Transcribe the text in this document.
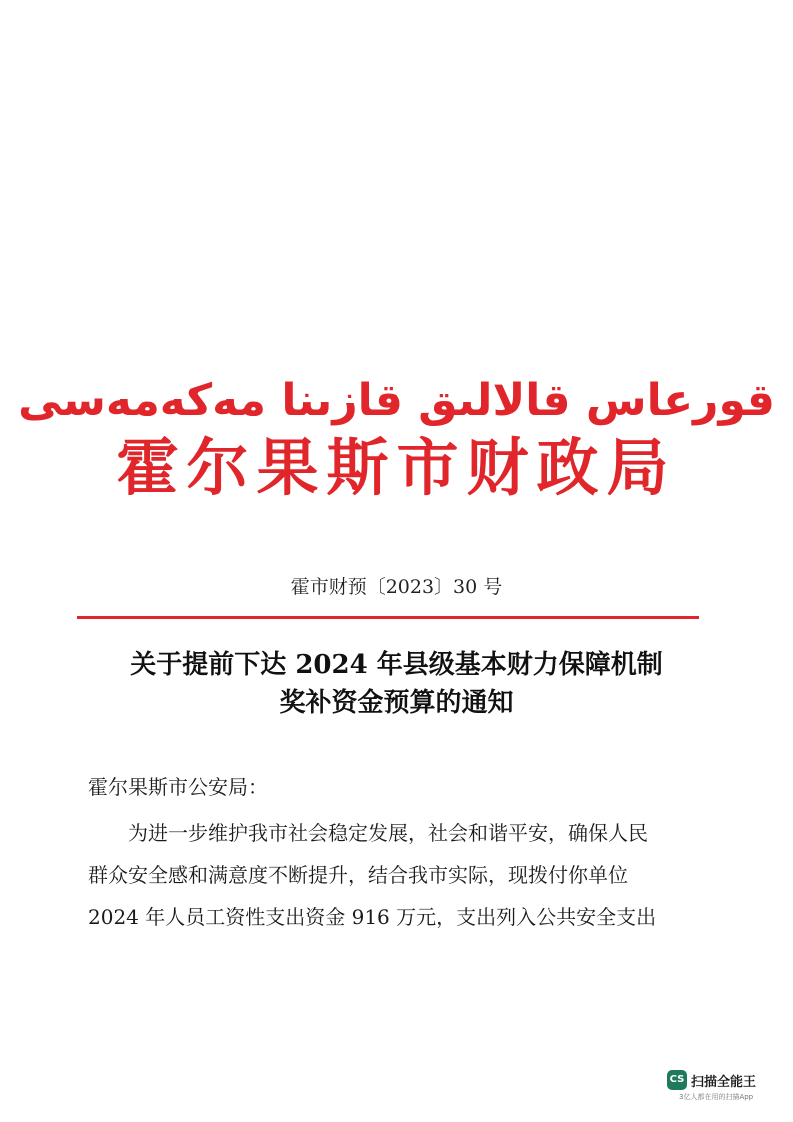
قورعاس قالالىق قازىنا مەكەمەسى
霍尔果斯市财政局
霍市财预〔2023〕30 号
关于提前下达 2024 年县级基本财力保障机制
奖补资金预算的通知
霍尔果斯市公安局：
为进一步维护我市社会稳定发展，社会和谐平安，确保人民
群众安全感和满意度不断提升，结合我市实际，现拨付你单位
2024 年人员工资性支出资金 916 万元，支出列入公共安全支出
CS 扫描全能王
3亿人都在用的扫描App
